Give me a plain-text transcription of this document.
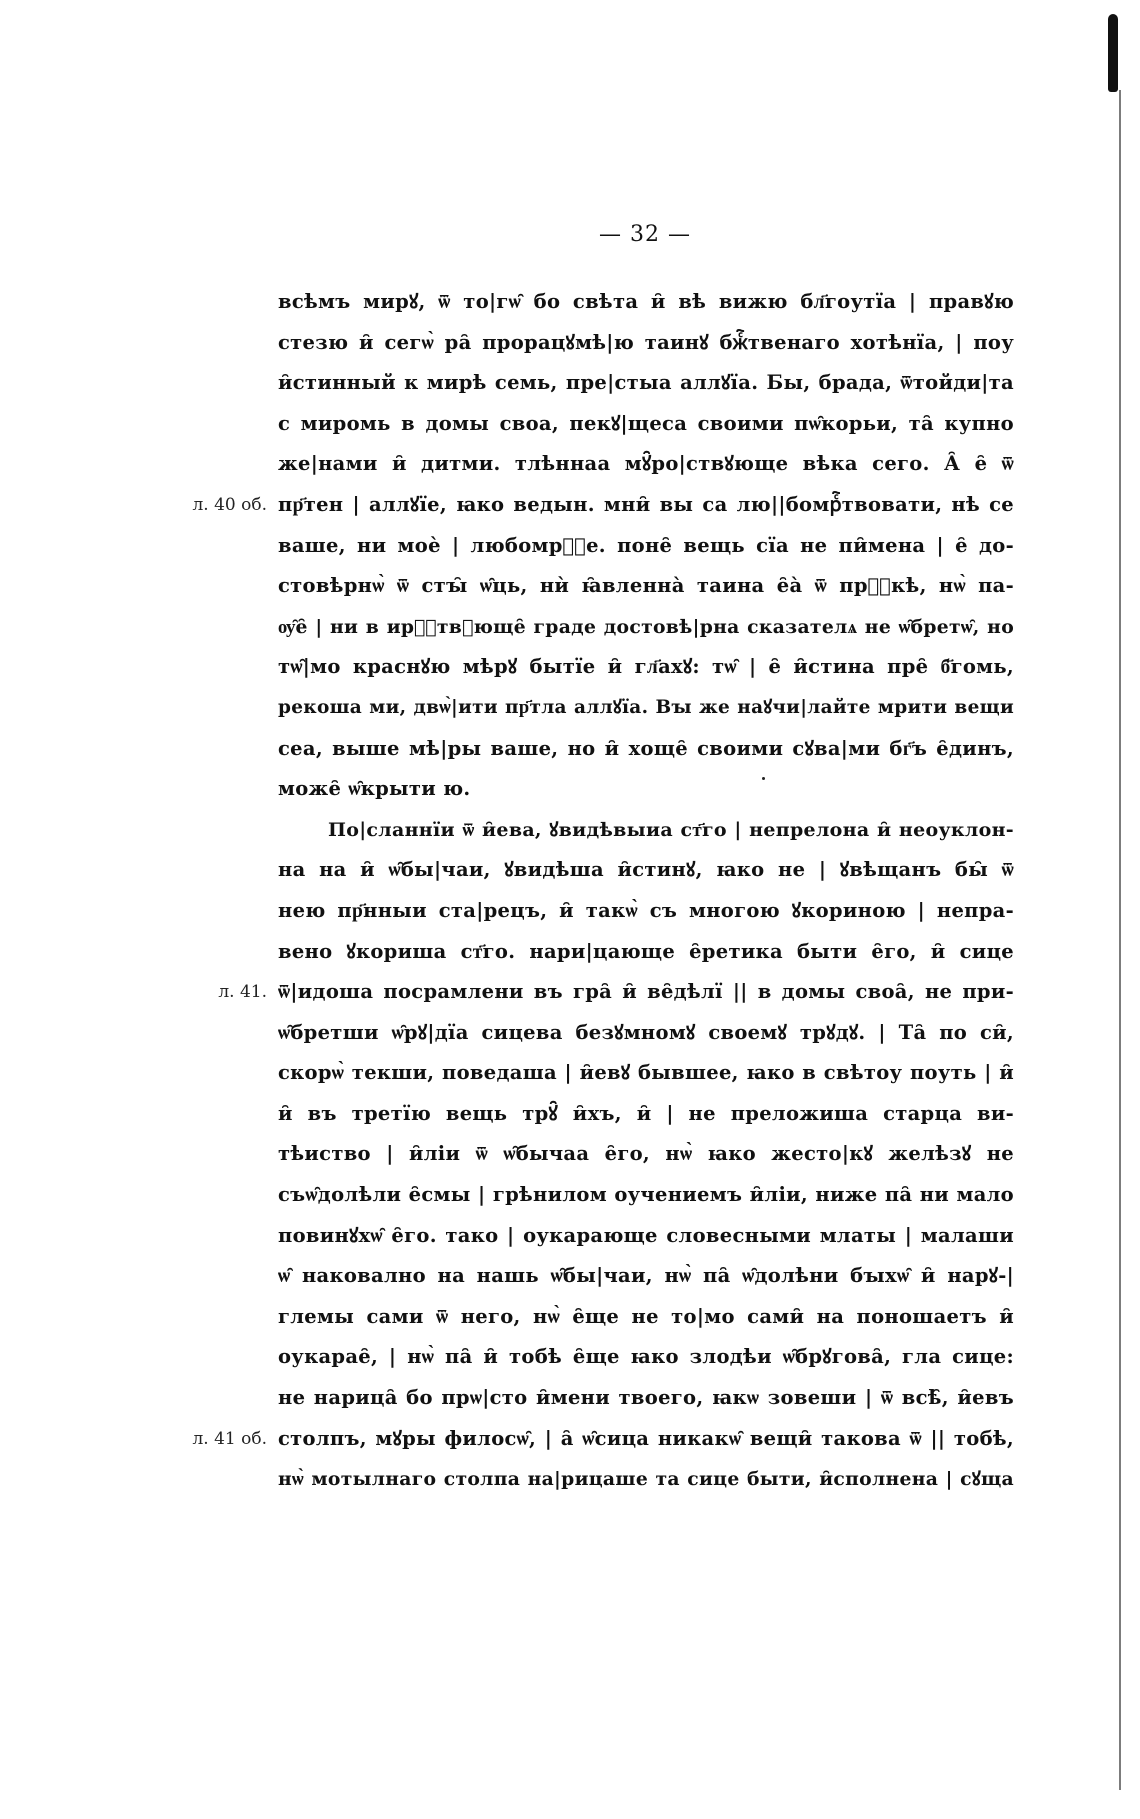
— 32 —
всѣмъ мирꙋ, ѿ то|гѡ̑ бо свѣта и̑ вѣ вижю бл҃гоутїа | правꙋю
стезю и̑ сегѡ̀ ра̑ прорацꙋмѣ|ю таинꙋ бжⷭ҇твенаго хотѣнїа, | поу
и̑стинный к мирѣ семь, пре|стыа аллꙋїа. Бы, брада, ѿтойди|та
с миромь в домы своа, пекꙋ|щеса своими пѡ̑корьи, та̑ купно
же|нами и̑ дитми. тлѣннаа мꙋ̑ро|ствꙋюще вѣка сего. А̑ е̑ ѿ
пр҃тен | аллꙋїе, ꙗко ведын. мни̑ вы са лю||бомрⷭ҇твовати, нѣ се
л. 40 об.
ваше, ни моѐ | любомрⷭ҇е. поне̑ вещь сїа не пи̑мена | е̑ до-
стовѣрнѡ̀ ѿ стꙑ̑ ѡ̑ць, нѝ ꙗ̑вленна̀ таина е̑а̀ ѿ прⷪ҇кѣ, нѡ̀ па-
ѹ̑е̑ | ни в ирⷭ҇твꙋюще̑ граде достовѣ|рна сказателѧ не ѡ̑бретѡ̑, но
тѡ̑|мо краснꙋю мѣрꙋ бытїе и̑ гл҃ахꙋ: тѡ̑ | е̑ и̑стина пре̑ б҃гомь,
рекоша ми, двѡ̀|ити пр҃тла аллꙋїа. Вꙑ же наꙋчи|лайте мрити вещи
сеа, выше мѣ|ры ваше, но и̑ хоще̑ своими сꙋва|ми бг҃ъ е̑динъ,
може̑ ѡ̑крыти ю.
По|сланнїи ѿ и̑ева, ꙋвидѣвыиа ст҃го | непрелона и̑ неоуклон-
на на и̑ ѡ̑бы|чаи, ꙋвидѣша и̑стинꙋ, ꙗко не | ꙋвѣщанъ бы̑ ѿ
нею пр҃нныи ста|рецъ, и̑ такѡ̀ съ многою ꙋкориною | непра-
вено ꙋкориша ст҃го. нари|цающе е̑ретика быти е̑го, и̑ сице
ѿ|идоша посрамлени въ гра̑ и̑ ве̑дѣлї || в домы своа̑, не при-
л. 41.
ѡ̑бретши ѡ̑рꙋ|дїа сицева безꙋмномꙋ своемꙋ трꙋдꙋ. | Та̑ по си̑,
скорѡ̀ текши, поведаша | и̑евꙋ бывшее, ꙗко в свѣтоу поуть | и̑
и̑ въ третїю вещь трꙋ̑ и̑хъ, и̑ | не преложиша старца ви-
тѣиство | и̑ліи ѿ ѡ̑бычаа е̑го, нѡ̀ ꙗко жесто|кꙋ желѣзꙋ не
съѡ̑долѣли е̑смы | грѣнилом оучениемъ и̑ліи, ниже па̑ ни мало
повинꙋхѡ̑ е̑го. тако | оукарающе словесными млаты | малаши
ѡ̑ наковално на нашь ѡ̑бы|чаи, нѡ̀ па̑ ѡ̑долѣни бꙑхѡ̑ и̑ нарꙋ-|
глемы сами ѿ него, нѡ̀ е̑ще не то|мо сами̑ на поношаетъ и̑
оукарае̑, | нѡ̀ па̑ и̑ тобѣ е̑ще ꙗко злодѣи ѡ̑брꙋгова̑, гла сице:
не нарица̑ бо прѡ|сто и̑мени твоего, ꙗкѡ зовеши | ѿ всѣ̑, и̑евъ
столпъ, мꙋры филосѡ̑, | а̑ ѡ̑сица никакѡ̑ вещи̑ такова ѿ || тобѣ,
л. 41 об.
нѡ̀ мотылнаго столпа на|рицаше та сице быти, и̑сполнена | сꙋща
